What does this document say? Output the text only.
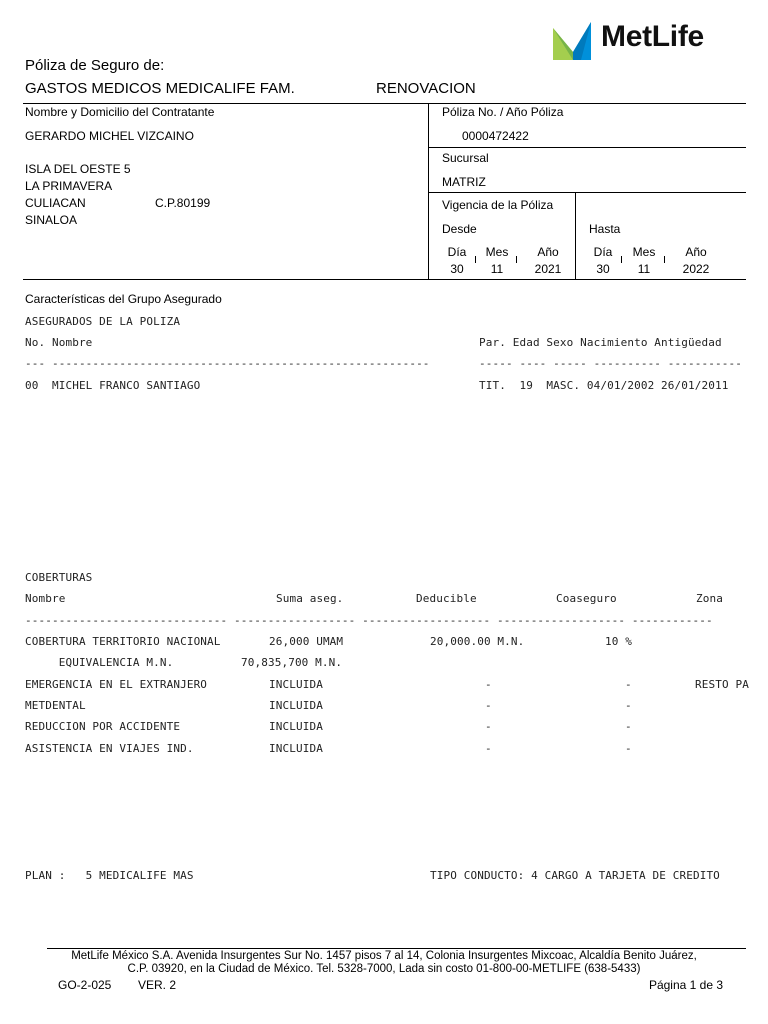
MetLife
Póliza de Seguro de:
GASTOS MEDICOS MEDICALIFE FAM.	RENOVACION
Nombre y Domicilio del Contratante
GERARDO MICHEL VIZCAINO
ISLA DEL OESTE 5
LA PRIMAVERA
CULIACAN	C.P.80199
SINALOA
Póliza No. / Año Póliza
0000472422
Sucursal
MATRIZ
Vigencia de la Póliza
Desde	Hasta
Día	Mes	Año
30	11	2021
Día	Mes	Año
30	11	2022
Características del Grupo Asegurado
ASEGURADOS DE LA POLIZA
No. Nombre	Par. Edad Sexo Nacimiento Antigüedad
--- --------------------------------------------------------	----- ---- ----- ---------- -----------
00  MICHEL FRANCO SANTIAGO	TIT.  19  MASC. 04/01/2002 26/01/2011
COBERTURAS
Nombre	Suma aseg.	Deducible	Coaseguro	Zona
------------------------------ ------------------ ------------------- ------------------- ------------
COBERTURA TERRITORIO NACIONAL	26,000 UMAM	20,000.00 M.N.	10 %
EQUIVALENCIA M.N.	70,835,700 M.N.
EMERGENCIA EN EL EXTRANJERO	INCLUIDA	-	-	RESTO PA
METDENTAL	INCLUIDA	-	-
REDUCCION POR ACCIDENTE	INCLUIDA	-	-
ASISTENCIA EN VIAJES IND.	INCLUIDA	-	-
PLAN :   5 MEDICALIFE MAS	TIPO CONDUCTO: 4 CARGO A TARJETA DE CREDITO
MetLife México S.A. Avenida Insurgentes Sur No. 1457 pisos 7 al 14, Colonia Insurgentes Mixcoac, Alcaldía Benito Juárez,
C.P. 03920, en la Ciudad de México. Tel. 5328-7000, Lada sin costo 01-800-00-METLIFE (638-5433)
GO-2-025 VER. 2	Página 1 de 3
